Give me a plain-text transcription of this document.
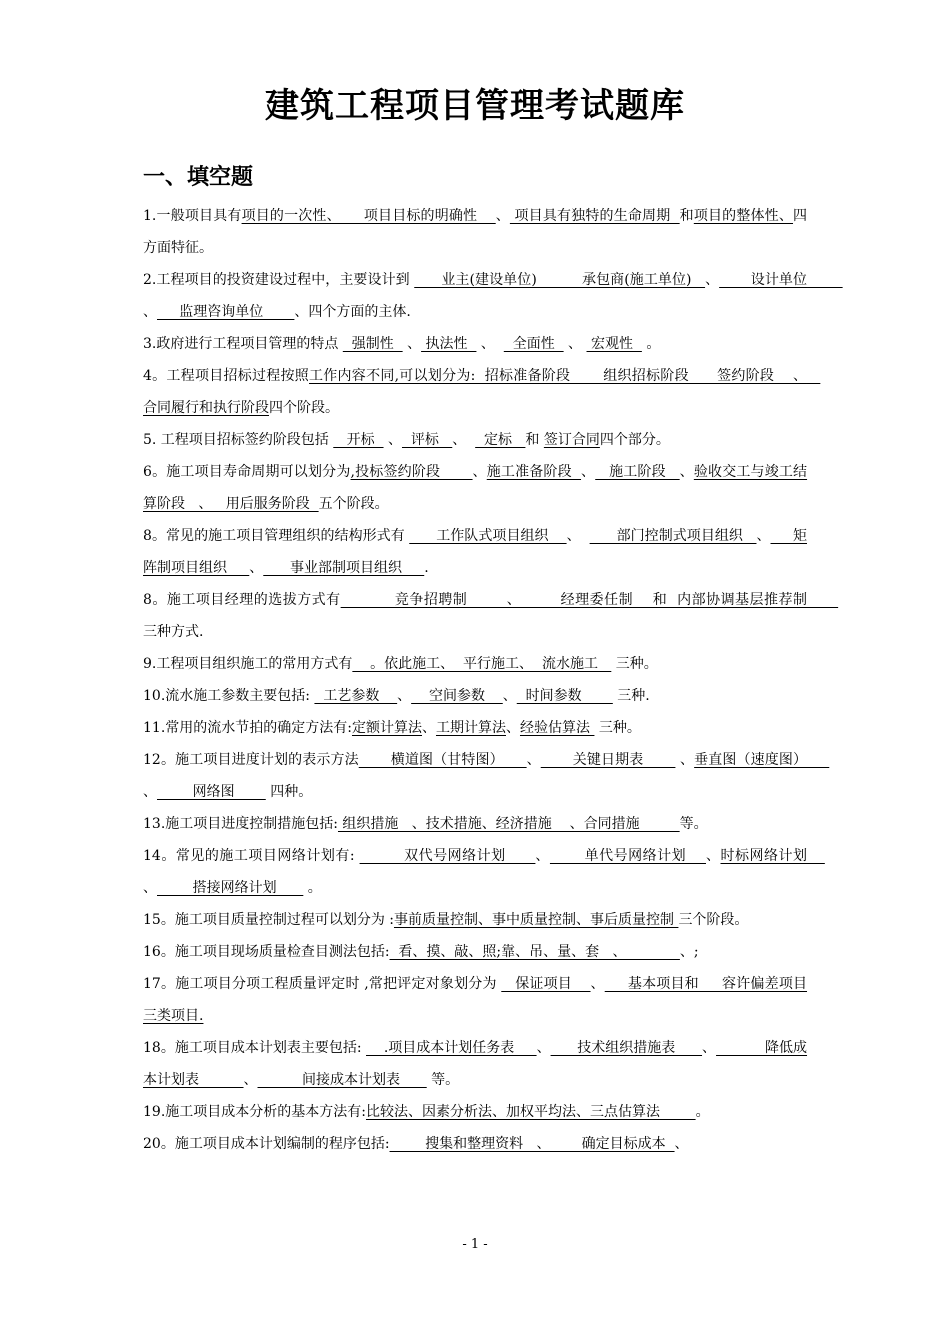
建筑工程项目管理考试题库
一、填空题

1.一般项目具有项目的一次性、     项目目标的明确性    、 项目具有独特的生命周期  和项目的整体性、四方面特征。

2.工程项目的投资建设过程中，主要设计到       业主(建设单位)          承包商(施工单位)   、       设计单位         、     监理咨询单位       、四个方面的主体.

3.政府进行工程项目管理的特点   强制性   、 执法性   、    全面性   、  宏观性   。

4。工程项目招标过程按照工作内容不同,可以划分为:  招标准备阶段       组织招标阶段      签约阶段    、   合同履行和执行阶段四个阶段。

5. 工程项目招标签约阶段包括    开标   、  评标   、    定标   和 签订合同四个部分。

6。施工项目寿命周期可以划分为,投标签约阶段       、施工准备阶段  、   施工阶段   、验收交工与竣工结算阶段   、   用后服务阶段  五个阶段。

8。常见的施工项目管理组织的结构形式有       工作队式项目组织    、        部门控制式项目组织   、     矩阵制项目组织     、      事业部制项目组织     .

8。施工项目经理的选拔方式有           竞争招聘制        、        经理委任制    和  内部协调基层推荐制        三种方式.

9.工程项目组织施工的常用方式有    。依此施工、  平行施工、  流水施工    三种。

10.流水施工参数主要包括:   工艺参数    、    空间参数    、  时间参数        三种.

11.常用的流水节拍的确定方法有:定额计算法、工期计算法、经验估算法  三种。

12。施工项目进度计划的表示方法       横道图（甘特图）     、       关键日期表        、垂直图（速度图）     、        网络图        四种。

13.施工项目进度控制措施包括: 组织措施   、技术措施、经济措施    、合同措施         等。

14。常见的施工项目网络计划有:          双代号网络计划      、       单代号网络计划    、时标网络计划    、        搭接网络计划       。

15。施工项目质量控制过程可以划分为 :事前质量控制、事中质量控制、事后质量控制 三个阶段。

16。施工项目现场质量检查目测法包括:  看、摸、敲、照;靠、吊、量、套   、            、;

17。施工项目分项工程质量评定时 ,常把评定对象划分为    保证项目    、     基本项目和     容许偏差项目三类项目.

18。施工项目成本计划表主要包括:     .项目成本计划任务表     、      技术组织措施表      、           降低成本计划表          、          间接成本计划表       等。

19.施工项目成本分析的基本方法有:比较法、因素分析法、加权平均法、三点估算法        。

20。施工项目成本计划编制的程序包括:        搜集和整理资料   、       确定目标成本  、

- 1 -
